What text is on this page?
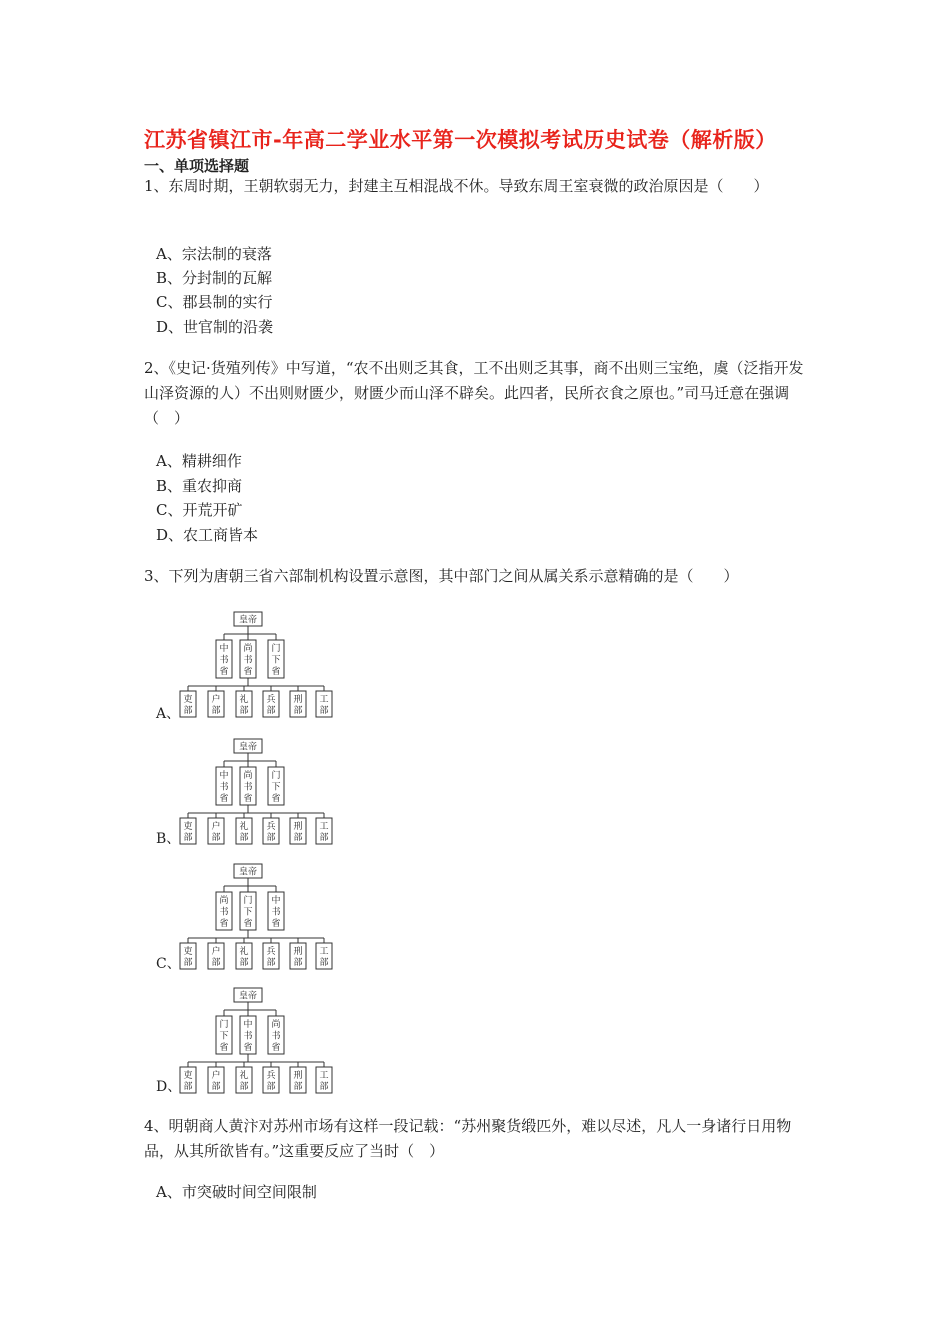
江苏省镇江市-年高二学业水平第一次模拟考试历史试卷（解析版）
一、单项选择题
1、东周时期，王朝软弱无力，封建主互相混战不休。导致东周王室衰微的政治原因是（　　）
A、宗法制的衰落
B、分封制的瓦解
C、郡县制的实行
D、世官制的沿袭
2、《史记·货殖列传》中写道，“农不出则乏其食，工不出则乏其事，商不出则三宝绝，虞（泛指开发山泽资源的人）不出则财匮少，财匮少而山泽不辟矣。此四者，民所衣食之原也。”司马迁意在强调（　）
A、精耕细作
B、重农抑商
C、开荒开矿
D、农工商皆本
3、下列为唐朝三省六部制机构设置示意图，其中部门之间从属关系示意精确的是（　　）
A、
皇帝
中
书
省
尚
书
省
门
下
省
吏
部
户
部
礼
部
兵
部
刑
部
工
部
B、
皇帝
中
书
省
尚
书
省
门
下
省
吏
部
户
部
礼
部
兵
部
刑
部
工
部
C、
皇帝
尚
书
省
门
下
省
中
书
省
吏
部
户
部
礼
部
兵
部
刑
部
工
部
D、
皇帝
门
下
省
中
书
省
尚
书
省
吏
部
户
部
礼
部
兵
部
刑
部
工
部
4、明朝商人黄汴对苏州市场有这样一段记载：“苏州聚货缎匹外，难以尽述，凡人一身诸行日用物品，从其所欲皆有。”这重要反应了当时（　）
A、市突破时间空间限制
